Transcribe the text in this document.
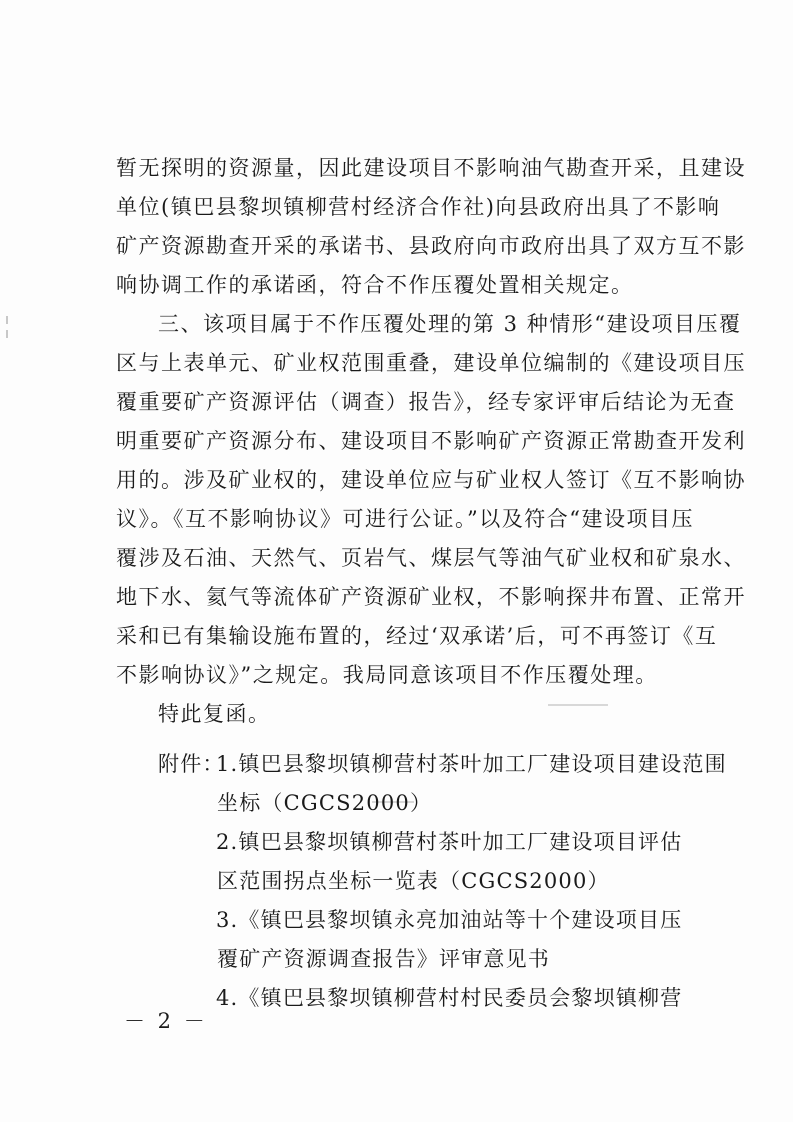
暂无探明的资源量，因此建设项目不影响油气勘查开采，且建设
单位(镇巴县黎坝镇柳营村经济合作社)向县政府出具了不影响
矿产资源勘查开采的承诺书、县政府向市政府出具了双方互不影
响协调工作的承诺函，符合不作压覆处置相关规定。
三、该项目属于不作压覆处理的第 3 种情形“建设项目压覆
区与上表单元、矿业权范围重叠，建设单位编制的《建设项目压
覆重要矿产资源评估（调查）报告》，经专家评审后结论为无查
明重要矿产资源分布、建设项目不影响矿产资源正常勘查开发利
用的。涉及矿业权的，建设单位应与矿业权人签订《互不影响协
议》。《互不影响协议》可进行公证。”以及符合“建设项目压
覆涉及石油、天然气、页岩气、煤层气等油气矿业权和矿泉水、
地下水、氦气等流体矿产资源矿业权，不影响探井布置、正常开
采和已有集输设施布置的，经过‘双承诺’后，可不再签订《互
不影响协议》”之规定。我局同意该项目不作压覆处理。
特此复函。
附件：
1.镇巴县黎坝镇柳营村茶叶加工厂建设项目建设范围
坐标（CGCS2000）
2.镇巴县黎坝镇柳营村茶叶加工厂建设项目评估
区范围拐点坐标一览表（CGCS2000）
3.《镇巴县黎坝镇永亮加油站等十个建设项目压
覆矿产资源调查报告》评审意见书
4.《镇巴县黎坝镇柳营村村民委员会黎坝镇柳营
－ 2 －
